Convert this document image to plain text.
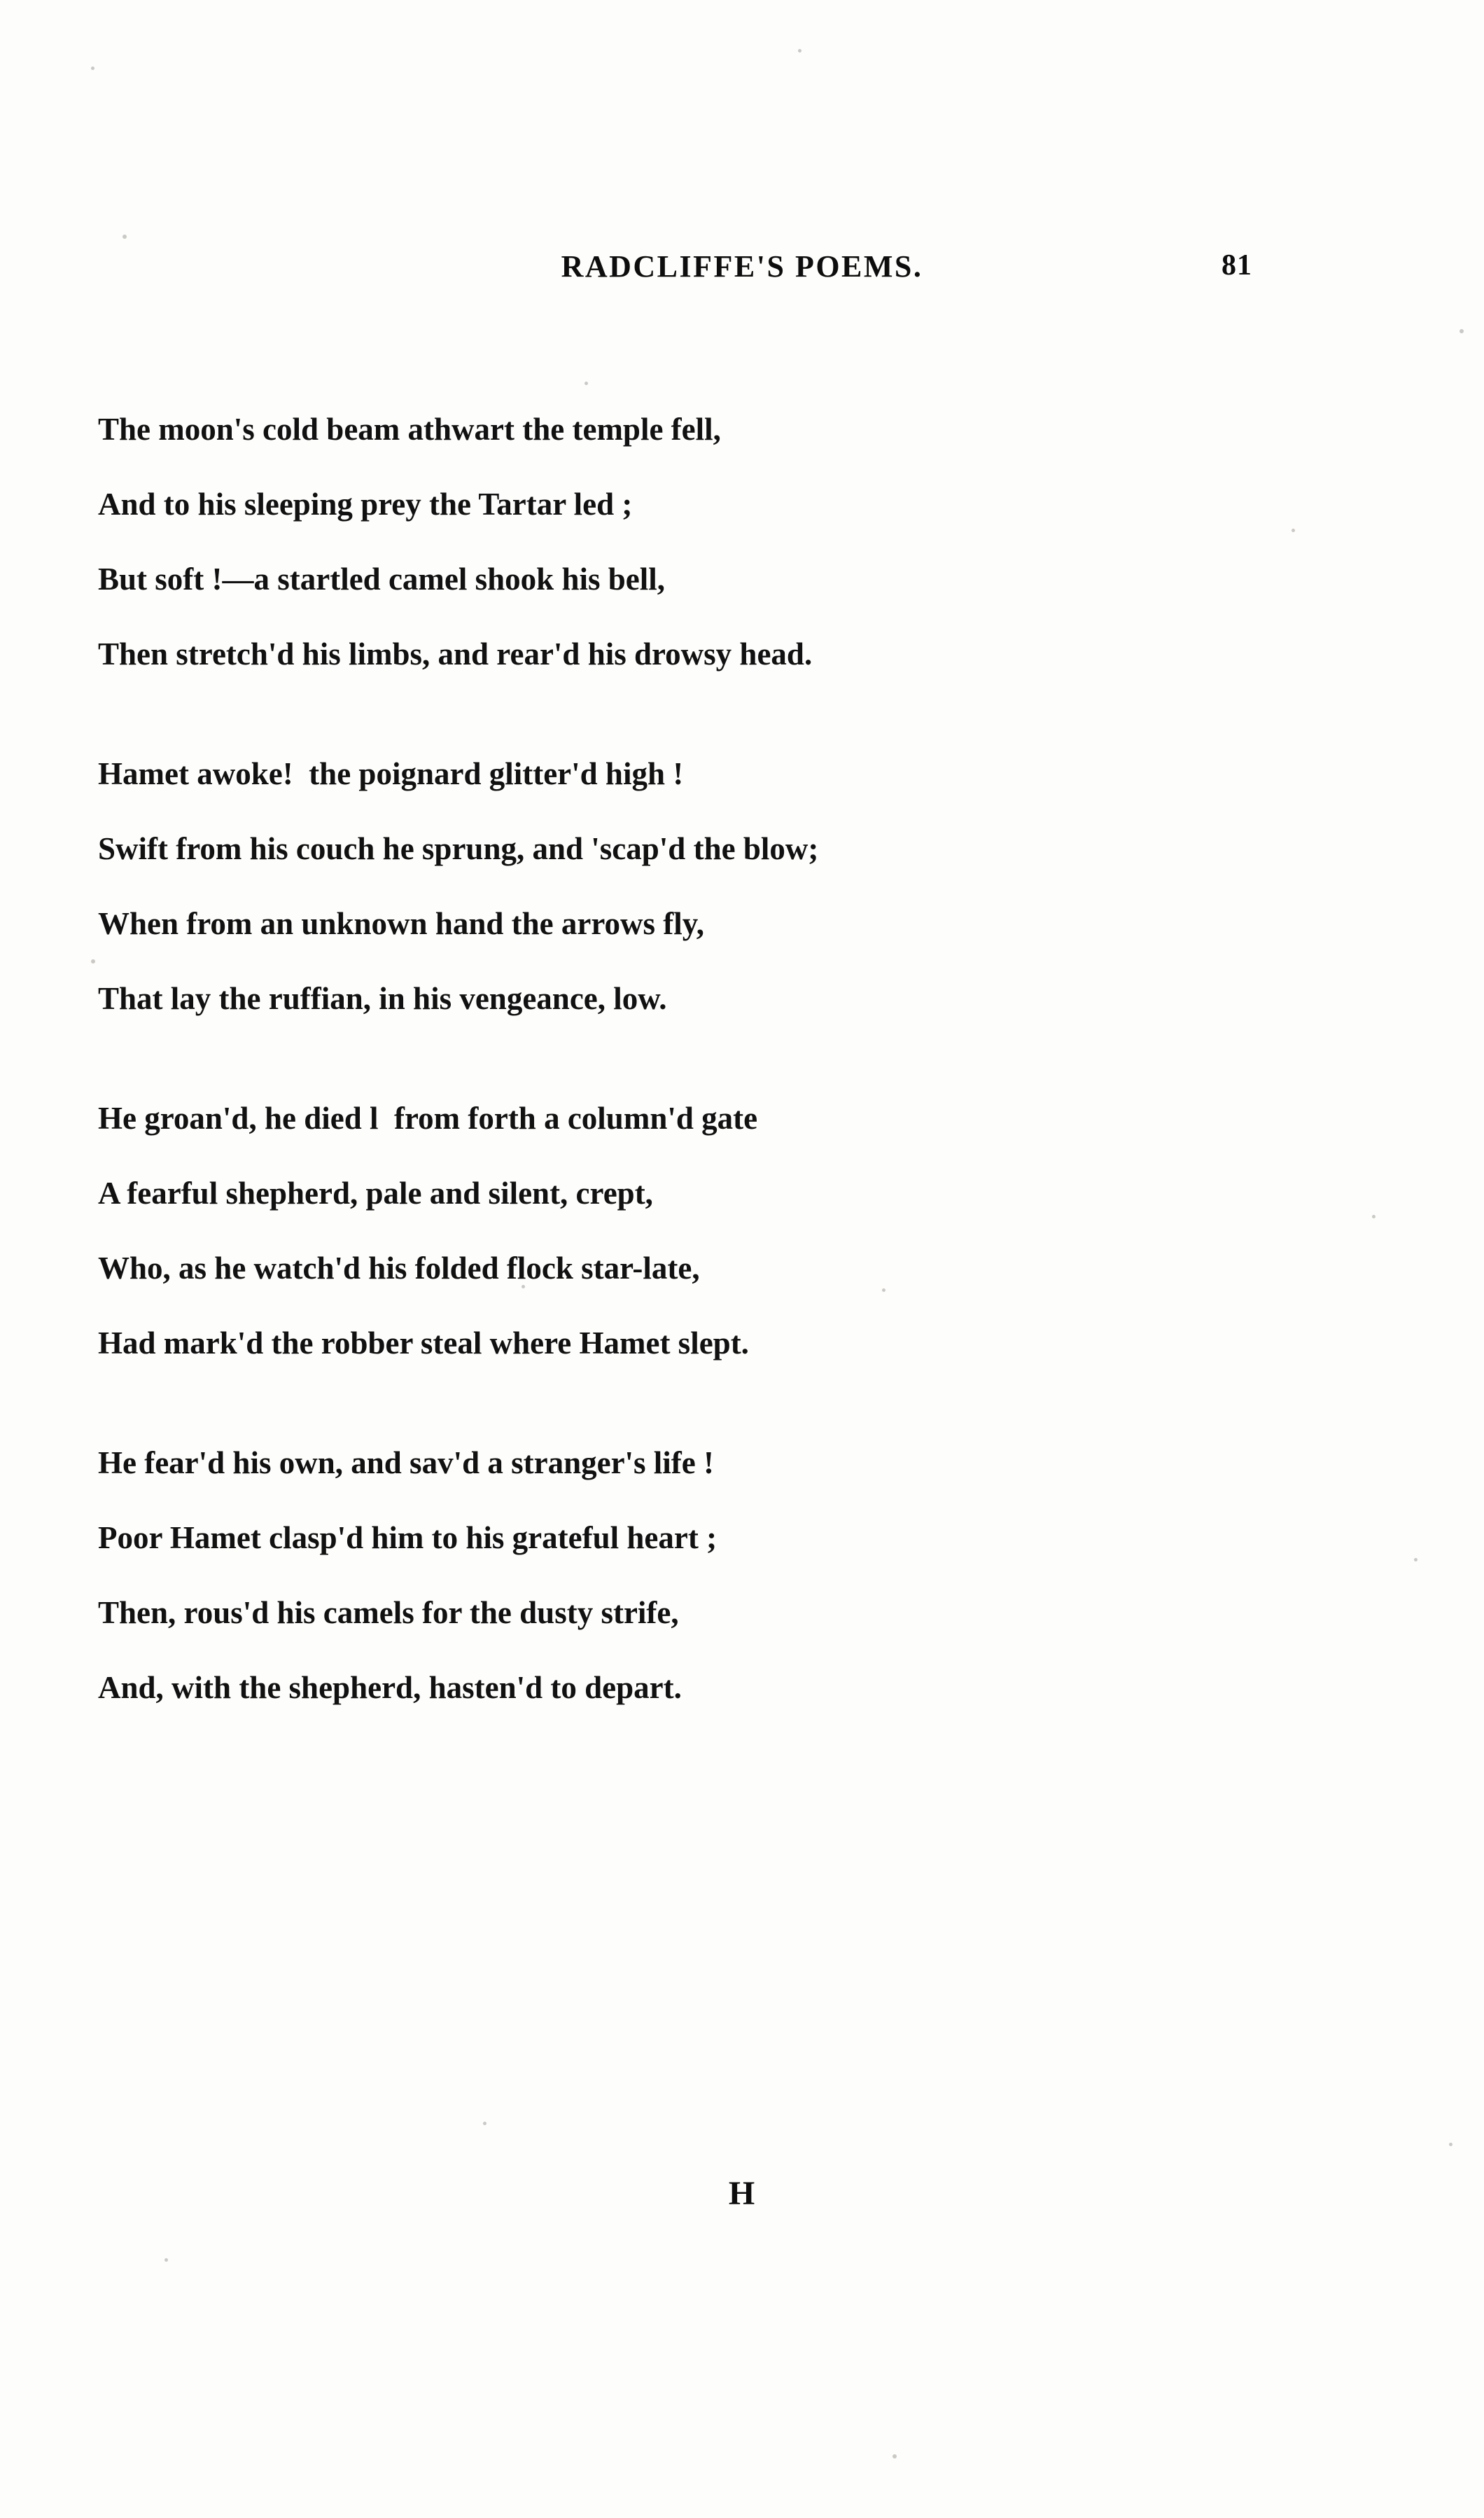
RADCLIFFE'S POEMS.	81
The moon's cold beam athwart the temple fell,
And to his sleeping prey the Tartar led ;
But soft !—a startled camel shook his bell,
Then stretch'd his limbs, and rear'd his drowsy head.
Hamet awoke!  the poignard glitter'd high !
Swift from his couch he sprung, and 'scap'd the blow;
When from an unknown hand the arrows fly,
That lay the ruffian, in his vengeance, low.
He groan'd, he died l  from forth a column'd gate
A fearful shepherd, pale and silent, crept,
Who, as he watch'd his folded flock star-late,
Had mark'd the robber steal where Hamet slept.
He fear'd his own, and sav'd a stranger's life !
Poor Hamet clasp'd him to his grateful heart ;
Then, rous'd his camels for the dusty strife,
And, with the shepherd, hasten'd to depart.
H
